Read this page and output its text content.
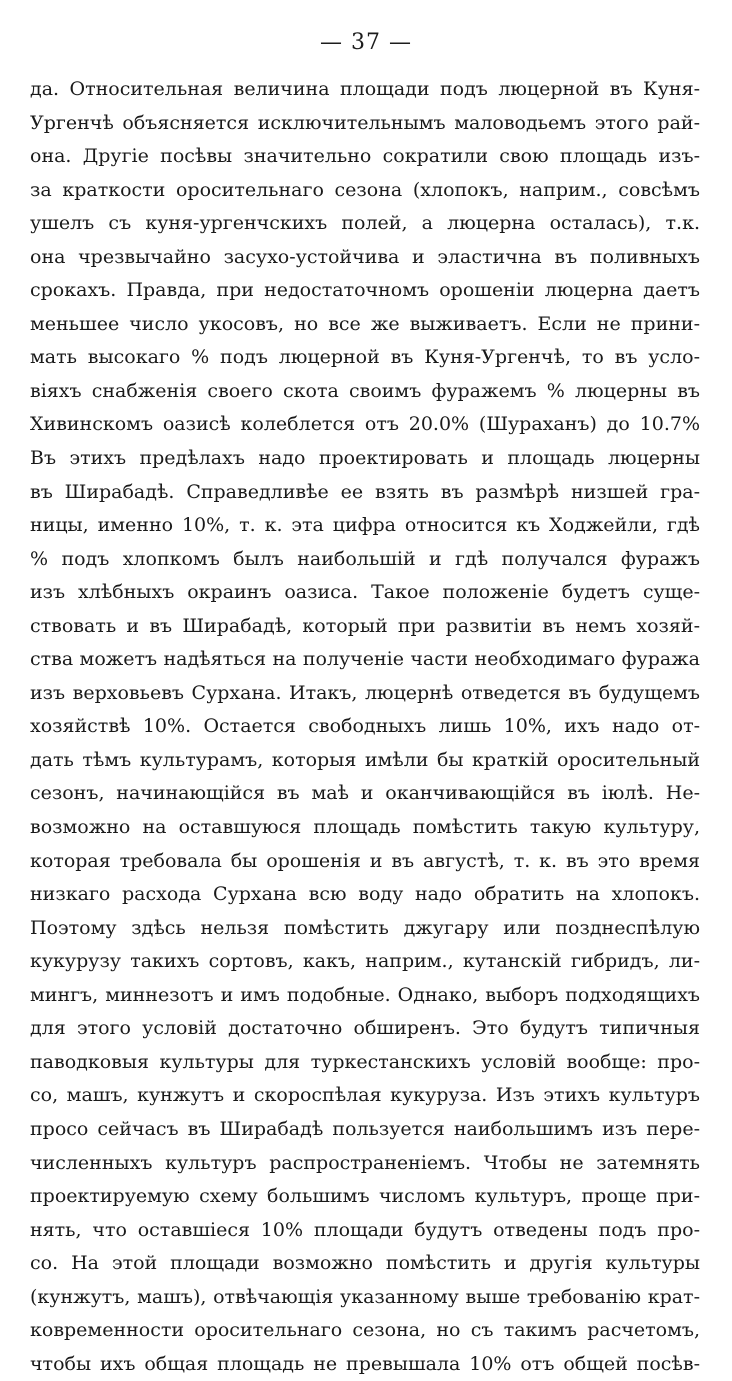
— 37 —
да. Относительная величина площади подъ люцерной въ Куня-
Ургенчѣ объясняется исключительнымъ маловодьемъ этого рай-
она. Другіе посѣвы значительно сократили свою площадь изъ-
за краткости оросительнаго сезона (хлопокъ, наприм., совсѣмъ
ушелъ съ куня-ургенчскихъ полей, а люцерна осталась), т.к.
она чрезвычайно засухо-устойчива и эластична въ поливныхъ
срокахъ. Правда, при недостаточномъ орошеніи люцерна даетъ
меньшее число укосовъ, но все же выживаетъ. Если не прини-
мать высокаго % подъ люцерной въ Куня-Ургенчѣ, то въ усло-
віяхъ снабженія своего скота своимъ фуражемъ % люцерны въ
Хивинскомъ оазисѣ колеблется отъ 20.0% (Шураханъ) до 10.7%
Въ этихъ предѣлахъ надо проектировать и площадь люцерны
въ Ширабадѣ. Справедливѣе ее взять въ размѣрѣ низшей гра-
ницы, именно 10%, т. к. эта цифра относится къ Ходжейли, гдѣ
% подъ хлопкомъ былъ наибольшій и гдѣ получался фуражъ
изъ хлѣбныхъ окраинъ оазиса. Такое положеніе будетъ суще-
ствовать и въ Ширабадѣ, который при развитіи въ немъ хозяй-
ства можетъ надѣяться на полученіе части необходимаго фуража
изъ верховьевъ Сурхана. Итакъ, люцернѣ отведется въ будущемъ
хозяйствѣ 10%. Остается свободныхъ лишь 10%, ихъ надо от-
дать тѣмъ культурамъ, которыя имѣли бы краткій оросительный
сезонъ, начинающійся въ маѣ и оканчивающійся въ іюлѣ. Не-
возможно на оставшуюся площадь помѣстить такую культуру,
которая требовала бы орошенія и въ августѣ, т. к. въ это время
низкаго расхода Сурхана всю воду надо обратить на хлопокъ.
Поэтому здѣсь нельзя помѣстить джугару или позднеспѣлую
кукурузу такихъ сортовъ, какъ, наприм., кутанскій гибридъ, ли-
мингъ, миннезотъ и имъ подобные. Однако, выборъ подходящихъ
для этого условій достаточно обширенъ. Это будутъ типичныя
паводковыя культуры для туркестанскихъ условій вообще: про-
со, машъ, кунжутъ и скороспѣлая кукуруза. Изъ этихъ культуръ
просо сейчасъ въ Ширабадѣ пользуется наибольшимъ изъ пере-
численныхъ культуръ распространеніемъ. Чтобы не затемнять
проектируемую схему большимъ числомъ культуръ, проще при-
нять, что оставшіеся 10% площади будутъ отведены подъ про-
со. На этой площади возможно помѣстить и другія культуры
(кунжутъ, машъ), отвѣчающія указанному выше требованію крат-
ковременности оросительнаго сезона, но съ такимъ расчетомъ,
чтобы ихъ общая площадь не превышала 10% отъ общей посѣв-
